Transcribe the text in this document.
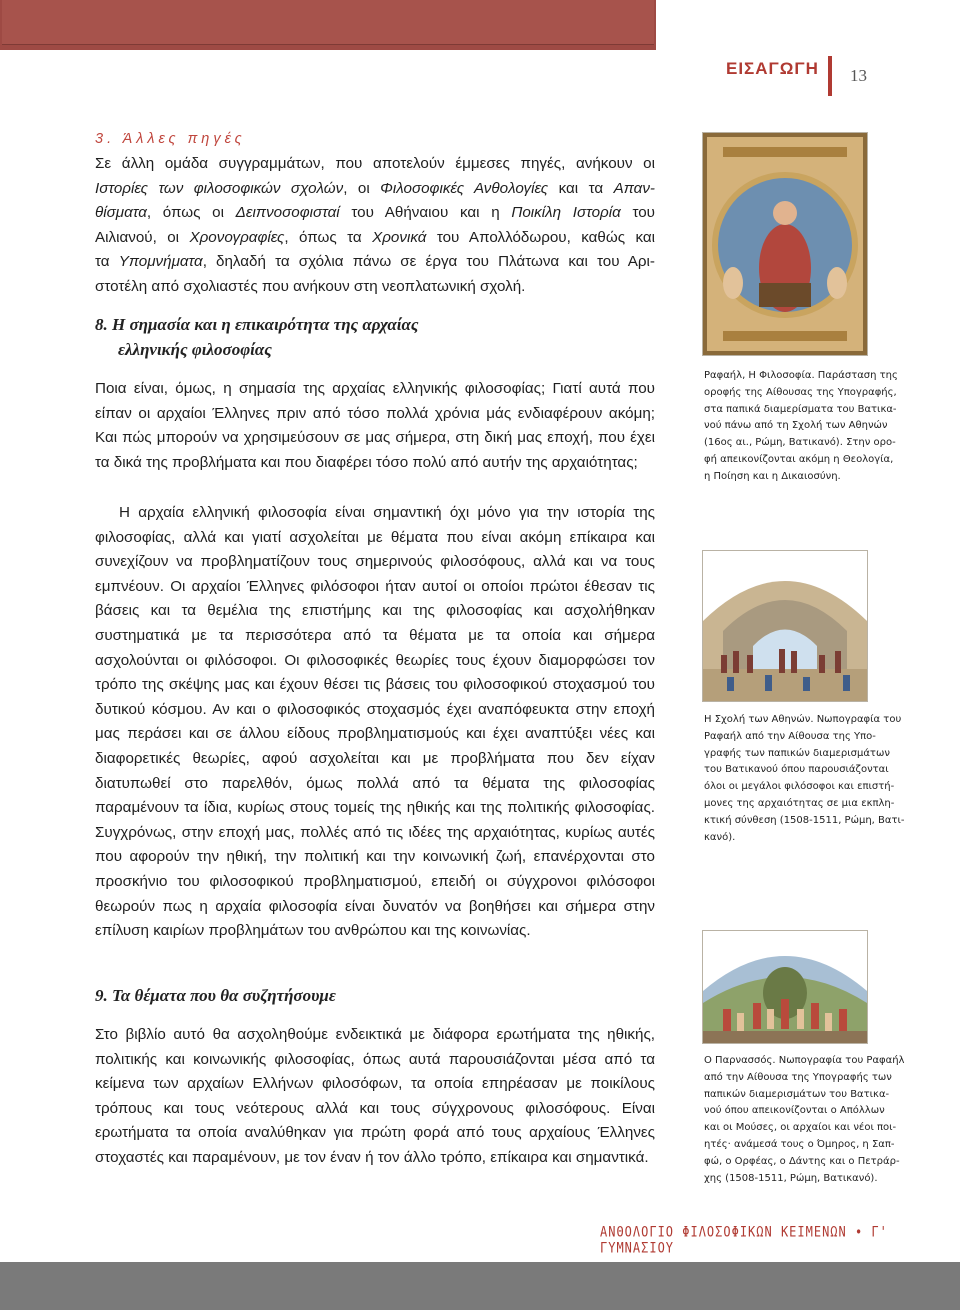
ΕΙΣΑΓΩΓΗ 13
3. Άλλες πηγές
Σε άλλη ομάδα συγγραμμάτων, που αποτελούν έμμεσες πηγές, ανήκουν οι
Ιστορίες των φιλοσοφικών σχολών, οι Φιλοσοφικές Ανθολογίες και τα Απαν-
θίσματα, όπως οι Δειπνοσοφισταί του Αθήναιου και η Ποικίλη Ιστορία του
Αιλιανού, οι Χρονογραφίες, όπως τα Χρονικά του Απολλόδωρου, καθώς και
τα Υπομνήματα, δηλαδή τα σχόλια πάνω σε έργα του Πλάτωνα και του Αρι-
στοτέλη από σχολιαστές που ανήκουν στη νεοπλατωνική σχολή.
8. Η σημασία και η επικαιρότητα της αρχαίας
ελληνικής φιλοσοφίας

Ποια είναι, όμως, η σημασία της αρχαίας ελληνικής φιλοσοφίας; Γιατί αυτά που είπαν οι αρχαίοι Έλληνες πριν από τόσο πολλά χρόνια μάς ενδιαφέρουν ακόμη; Και πώς μπορούν να χρησιμεύσουν σε μας σήμερα, στη δική μας εποχή, που έχει τα δικά της προβλήματα και που διαφέρει τόσο πολύ από αυτήν της αρχαιότητας;

Η αρχαία ελληνική φιλοσοφία είναι σημαντική όχι μόνο για την ιστορία της φιλοσοφίας, αλλά και γιατί ασχολείται με θέματα που είναι ακόμη επίκαιρα και συνεχίζουν να προβληματίζουν τους σημερινούς φιλοσόφους, αλλά και να τους εμπνέουν. Οι αρχαίοι Έλληνες φιλόσοφοι ήταν αυτοί οι οποίοι πρώτοι έθεσαν τις βάσεις και τα θεμέλια της επιστήμης και της φιλοσοφίας και ασχολήθηκαν συστηματικά με τα περισσότερα από τα θέματα με τα οποία και σήμερα ασχολούνται οι φιλόσοφοι. Οι φιλοσοφικές θεωρίες τους έχουν διαμορφώσει τον τρόπο της σκέψης μας και έχουν θέσει τις βάσεις του φιλοσοφικού στοχασμού του δυτικού κόσμου. Αν και ο φιλοσοφικός στοχασμός έχει αναπόφευκτα στην εποχή μας περάσει και σε άλλου είδους προβληματισμούς και έχει αναπτύξει νέες και διαφορετικές θεωρίες, αφού ασχολείται και με προβλήματα που δεν είχαν διατυπωθεί στο παρελθόν, όμως πολλά από τα θέματα της φιλοσοφίας παραμένουν τα ίδια, κυρίως στους τομείς της ηθικής και της πολιτικής φιλοσοφίας. Συγχρόνως, στην εποχή μας, πολλές από τις ιδέες της αρχαιότητας, κυρίως αυτές που αφορούν την ηθική, την πολιτική και την κοινωνική ζωή, επανέρχονται στο προσκήνιο του φιλοσοφικού προβληματισμού, επειδή οι σύγχρονοι φιλόσοφοι θεωρούν πως η αρχαία φιλοσοφία είναι δυνατόν να βοηθήσει και σήμερα στην επίλυση καιρίων προβλημάτων του ανθρώπου και της κοινωνίας.

9. Τα θέματα που θα συζητήσουμε

Στο βιβλίο αυτό θα ασχοληθούμε ενδεικτικά με διάφορα ερωτήματα της ηθικής, πολιτικής και κοινωνικής φιλοσοφίας, όπως αυτά παρουσιάζονται μέσα από τα κείμενα των αρχαίων Ελλήνων φιλοσόφων, τα οποία επηρέασαν με ποικίλους τρόπους και τους νεότερους αλλά και τους σύγχρονους φιλοσόφους. Είναι ερωτήματα τα οποία αναλύθηκαν για πρώτη φορά από τους αρχαίους Έλληνες στοχαστές και παραμένουν, με τον έναν ή τον άλλο τρόπο, επίκαιρα και σημαντικά.

Ραφαήλ, Η Φιλοσοφία. Παράσταση της
οροφής της Αίθουσας της Υπογραφής,
στα παπικά διαμερίσματα του Βατικα-
νού πάνω από τη Σχολή των Αθηνών
(16ος αι., Ρώμη, Βατικανό). Στην ορο-
φή απεικονίζονται ακόμη η Θεολογία,
η Ποίηση και η Δικαιοσύνη.
Η Σχολή των Αθηνών. Νωπογραφία του
Ραφαήλ από την Αίθουσα της Υπο-
γραφής των παπικών διαμερισμάτων
του Βατικανού όπου παρουσιάζονται
όλοι οι μεγάλοι φιλόσοφοι και επιστή-
μονες της αρχαιότητας σε μια εκπλη-
κτική σύνθεση (1508-1511, Ρώμη, Βατι-
κανό).
Ο Παρνασσός. Νωπογραφία του Ραφαήλ
από την Αίθουσα της Υπογραφής των
παπικών διαμερισμάτων του Βατικα-
νού όπου απεικονίζονται ο Απόλλων
και οι Μούσες, οι αρχαίοι και νέοι ποι-
ητές· ανάμεσά τους ο Όμηρος, η Σαπ-
φώ, ο Ορφέας, ο Δάντης και ο Πετράρ-
χης (1508-1511, Ρώμη, Βατικανό).
ΑΝΘΟΛΟΓΙΟ ΦΙΛΟΣΟΦΙΚΩΝ ΚΕΙΜΕΝΩΝ • Γ' ΓΥΜΝΑΣΙΟΥ
